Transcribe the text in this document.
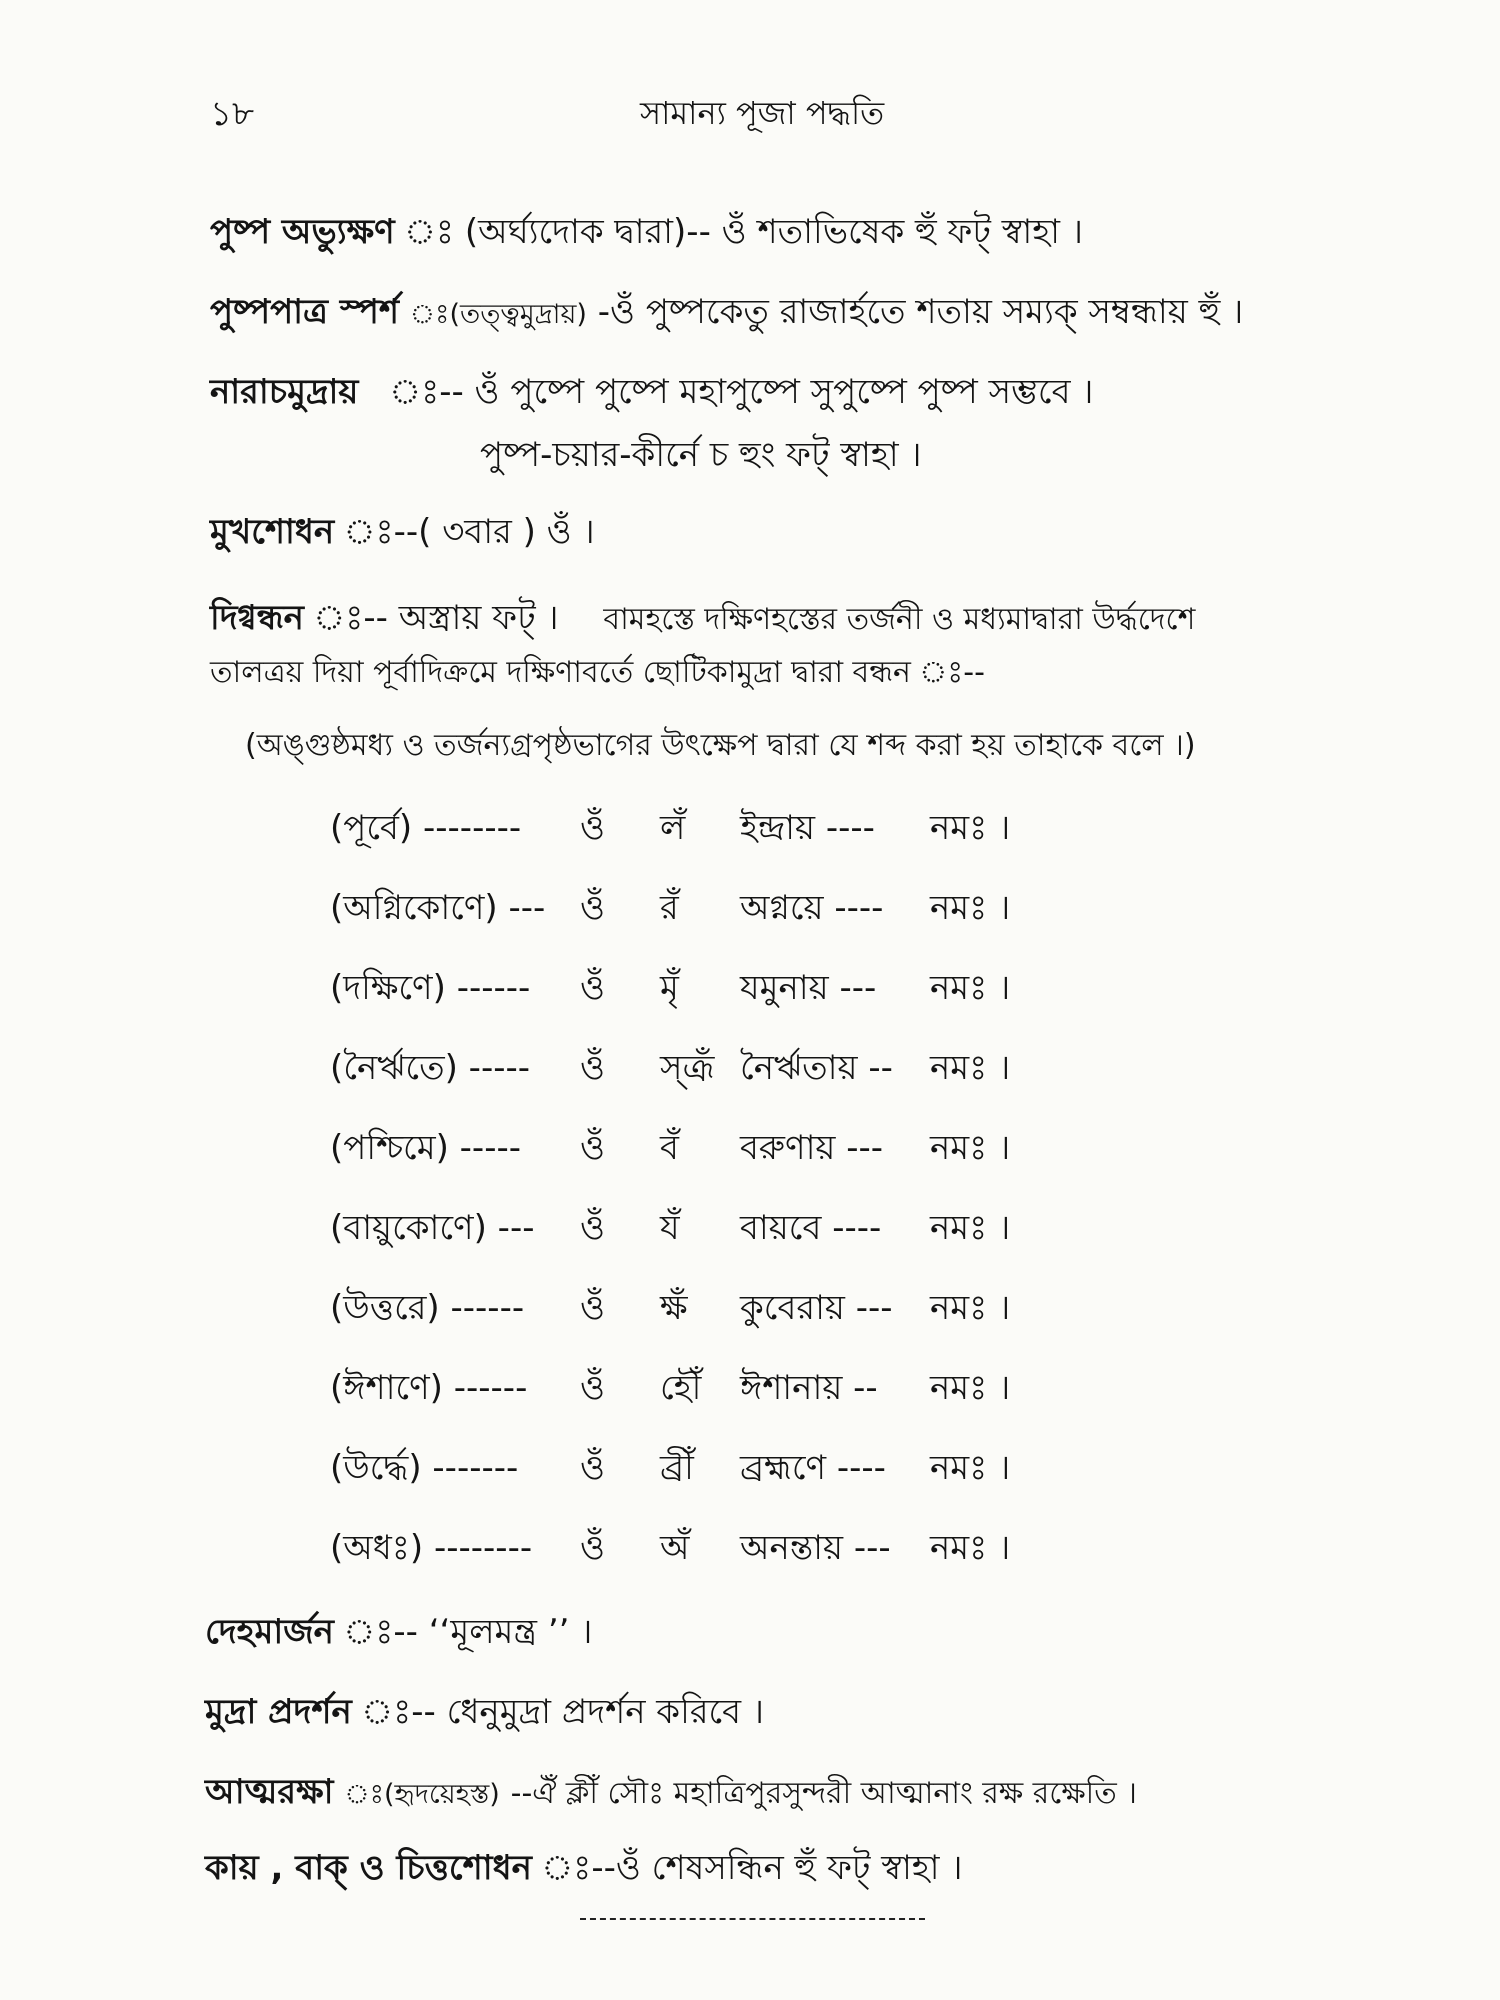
১৮	সামান্য পূজা পদ্ধতি
পুষ্প অভ্যুক্ষণ ঃ (অর্ঘ্যদোক দ্বারা)-- ওঁ শতাভিষেক হুঁ ফট্ স্বাহা ।
পুষ্পপাত্র স্পর্শ ঃ(তত্ত্বমুদ্রায়) -ওঁ পুষ্পকেতু রাজার্হতে শতায় সম্যক্ সম্বন্ধায় হুঁ ।
নারাচমুদ্রায় ঃ-- ওঁ পুষ্পে পুষ্পে মহাপুষ্পে সুপুষ্পে পুষ্প সম্ভবে ।
পুষ্প-চয়ার-কীর্নে চ হুং ফট্ স্বাহা ।
মুখশোধন ঃ--( ৩বার ) ওঁ ।
দিগ্বন্ধন ঃ-- অস্ত্রায় ফট্ । বামহস্তে দক্ষিণহস্তের তর্জনী ও মধ্যমাদ্বারা উর্দ্ধদেশে
তালত্রয় দিয়া পূর্বাদিক্রমে দক্ষিণাবর্তে ছোটিকামুদ্রা দ্বারা বন্ধন ঃ--
(অঙ্গুষ্ঠমধ্য ও তর্জন্যগ্রপৃষ্ঠভাগের উৎক্ষেপ দ্বারা যে শব্দ করা হয় তাহাকে বলে ।)
(পূর্বে) -------- ওঁ লঁ ইন্দ্রায় ---- নমঃ ।
(অগ্নিকোণে) --- ওঁ রঁ অগ্নয়ে ---- নমঃ ।
(দক্ষিণে) ------ ওঁ মৃঁ যমুনায় --- নমঃ ।
(নৈর্ঋতে) ----- ওঁ স্ত্রূঁ নৈর্ঋতায় -- নমঃ ।
(পশ্চিমে) ----- ওঁ বঁ বরুণায় --- নমঃ ।
(বায়ুকোণে) --- ওঁ যঁ বায়বে ---- নমঃ ।
(উত্তরে) ------ ওঁ ক্ষঁ কুবেরায় --- নমঃ ।
(ঈশাণে) ------ ওঁ হৌঁ ঈশানায় -- নমঃ ।
(উর্দ্ধে) ------- ওঁ ব্রীঁ ব্রহ্মণে ---- নমঃ ।
(অধঃ) -------- ওঁ অঁ অনন্তায় --- নমঃ ।
দেহমার্জন ঃ-- ‘‘মূলমন্ত্র ’’ ।
মুদ্রা প্রদর্শন ঃ-- ধেনুমুদ্রা প্রদর্শন করিবে ।
আত্মরক্ষা ঃ(হৃদয়েহস্ত) --ঐঁ ক্লীঁ সৌঃ মহাত্রিপুরসুন্দরী আত্মানাং রক্ষ রক্ষেতি ।
কায় , বাক্ ও চিত্তশোধন ঃ--ওঁ শেষসন্ধিন হুঁ ফট্ স্বাহা ।
